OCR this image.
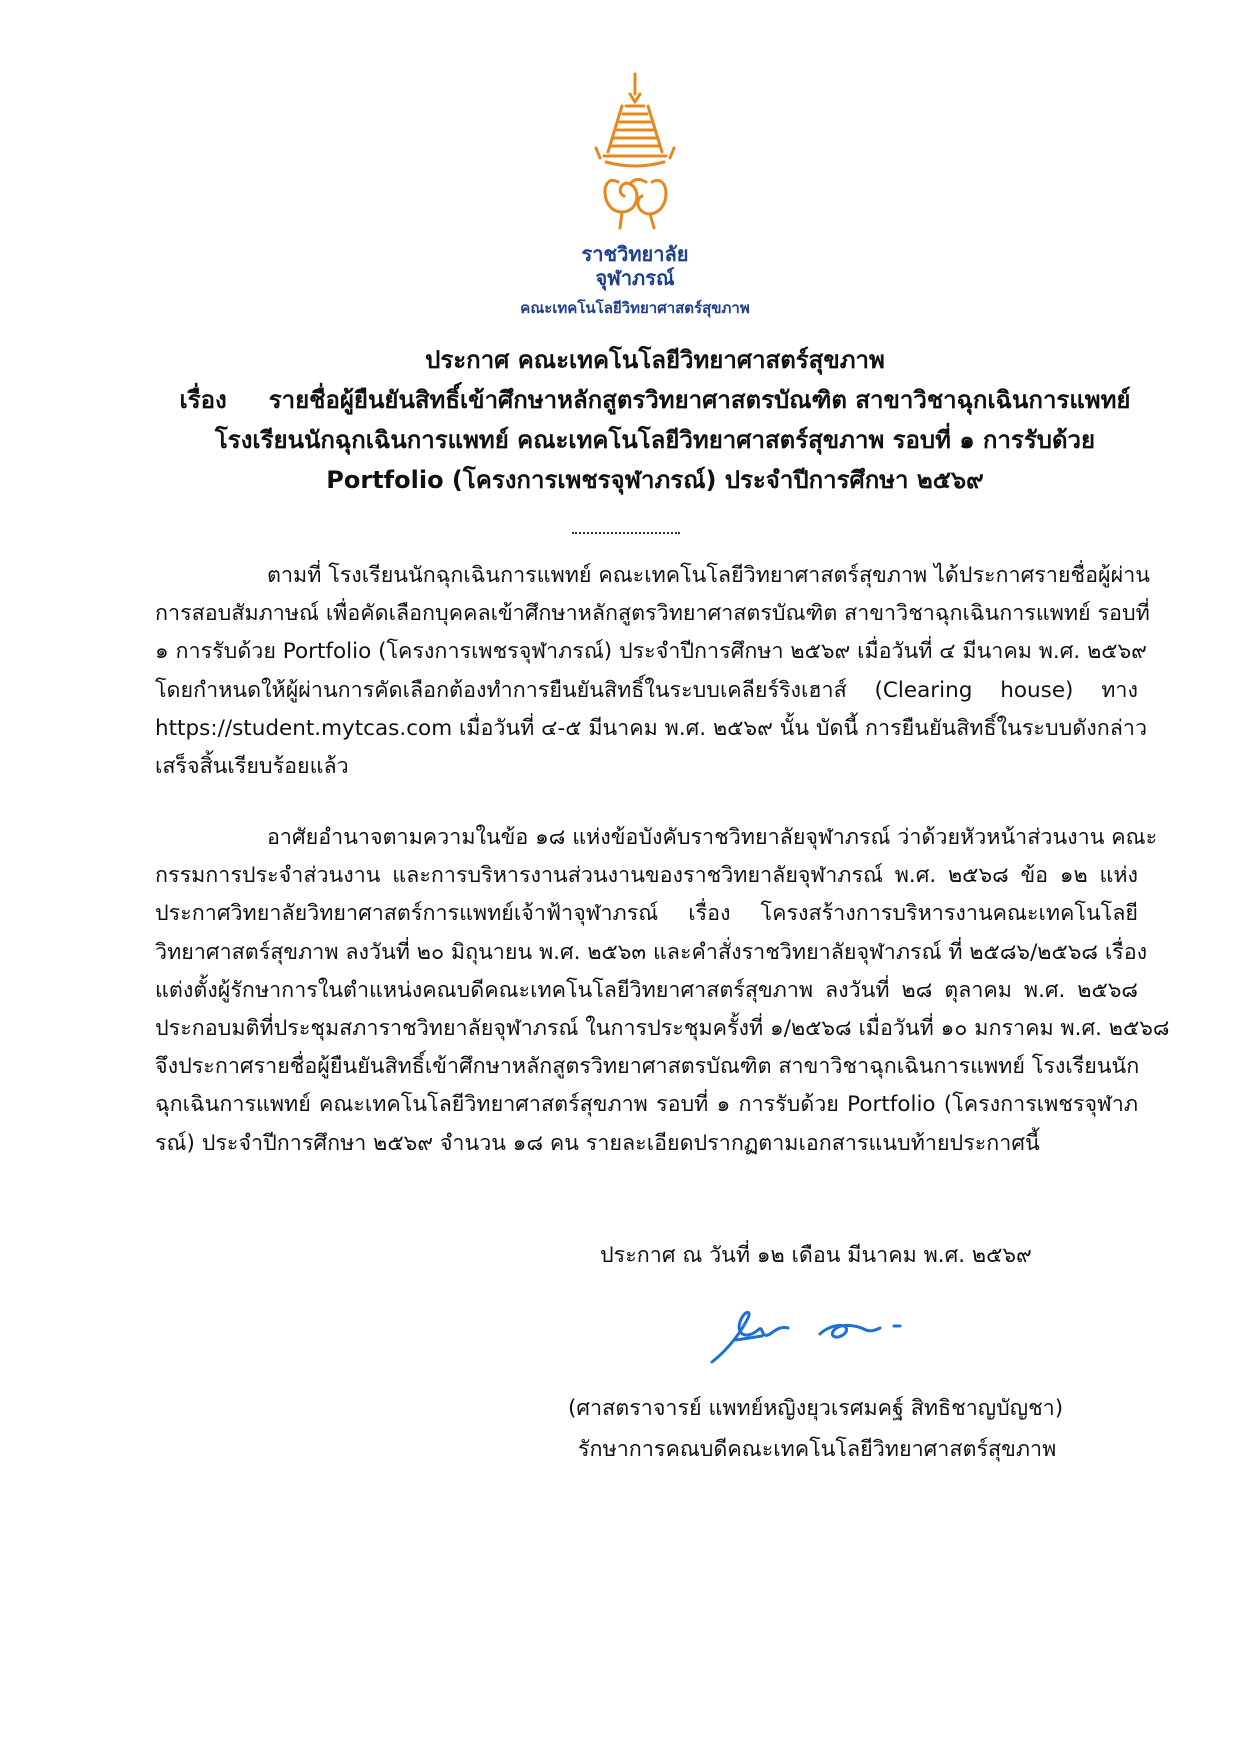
ราชวิทยาลัย
จุฬาภรณ์
คณะเทคโนโลยีวิทยาศาสตร์สุขภาพ
ประกาศ คณะเทคโนโลยีวิทยาศาสตร์สุขภาพ
เรื่อง รายชื่อผู้ยืนยันสิทธิ์เข้าศึกษาหลักสูตรวิทยาศาสตรบัณฑิต สาขาวิชาฉุกเฉินการแพทย์
โรงเรียนนักฉุกเฉินการแพทย์ คณะเทคโนโลยีวิทยาศาสตร์สุขภาพ รอบที่ ๑ การรับด้วย
Portfolio (โครงการเพชรจุฬาภรณ์) ประจำปีการศึกษา ๒๕๖๙
ตามที่ โรงเรียนนักฉุกเฉินการแพทย์ คณะเทคโนโลยีวิทยาศาสตร์สุขภาพ ได้ประกาศรายชื่อผู้ผ่าน
การสอบสัมภาษณ์ เพื่อคัดเลือกบุคคลเข้าศึกษาหลักสูตรวิทยาศาสตรบัณฑิต สาขาวิชาฉุกเฉินการแพทย์ รอบที่
๑ การรับด้วย Portfolio (โครงการเพชรจุฬาภรณ์) ประจำปีการศึกษา ๒๕๖๙ เมื่อวันที่ ๔ มีนาคม พ.ศ. ๒๕๖๙
โดยกำหนดให้ผู้ผ่านการคัดเลือกต้องทำการยืนยันสิทธิ์ในระบบเคลียร์ริงเฮาส์ (Clearing house) ทาง
https://student.mytcas.com เมื่อวันที่ ๔-๕ มีนาคม พ.ศ. ๒๕๖๙ นั้น บัดนี้ การยืนยันสิทธิ์ในระบบดังกล่าว
เสร็จสิ้นเรียบร้อยแล้ว
อาศัยอำนาจตามความในข้อ ๑๘ แห่งข้อบังคับราชวิทยาลัยจุฬาภรณ์ ว่าด้วยหัวหน้าส่วนงาน คณะ
กรรมการประจำส่วนงาน และการบริหารงานส่วนงานของราชวิทยาลัยจุฬาภรณ์ พ.ศ. ๒๕๖๘ ข้อ ๑๒ แห่ง
ประกาศวิทยาลัยวิทยาศาสตร์การแพทย์เจ้าฟ้าจุฬาภรณ์ เรื่อง โครงสร้างการบริหารงานคณะเทคโนโลยี
วิทยาศาสตร์สุขภาพ ลงวันที่ ๒๐ มิถุนายน พ.ศ. ๒๕๖๓ และคำสั่งราชวิทยาลัยจุฬาภรณ์ ที่ ๒๕๘๖/๒๕๖๘ เรื่อง
แต่งตั้งผู้รักษาการในตำแหน่งคณบดีคณะเทคโนโลยีวิทยาศาสตร์สุขภาพ ลงวันที่ ๒๘ ตุลาคม พ.ศ. ๒๕๖๘
ประกอบมติที่ประชุมสภาราชวิทยาลัยจุฬาภรณ์ ในการประชุมครั้งที่ ๑/๒๕๖๘ เมื่อวันที่ ๑๐ มกราคม พ.ศ. ๒๕๖๘
จึงประกาศรายชื่อผู้ยืนยันสิทธิ์เข้าศึกษาหลักสูตรวิทยาศาสตรบัณฑิต สาขาวิชาฉุกเฉินการแพทย์ โรงเรียนนัก
ฉุกเฉินการแพทย์ คณะเทคโนโลยีวิทยาศาสตร์สุขภาพ รอบที่ ๑ การรับด้วย Portfolio (โครงการเพชรจุฬาภ
รณ์) ประจำปีการศึกษา ๒๕๖๙ จำนวน ๑๘ คน รายละเอียดปรากฏตามเอกสารแนบท้ายประกาศนี้
ประกาศ ณ วันที่ ๑๒ เดือน มีนาคม พ.ศ. ๒๕๖๙
(ศาสตราจารย์ แพทย์หญิงยุวเรศมคฐ์ สิทธิชาญบัญชา)
รักษาการคณบดีคณะเทคโนโลยีวิทยาศาสตร์สุขภาพ
